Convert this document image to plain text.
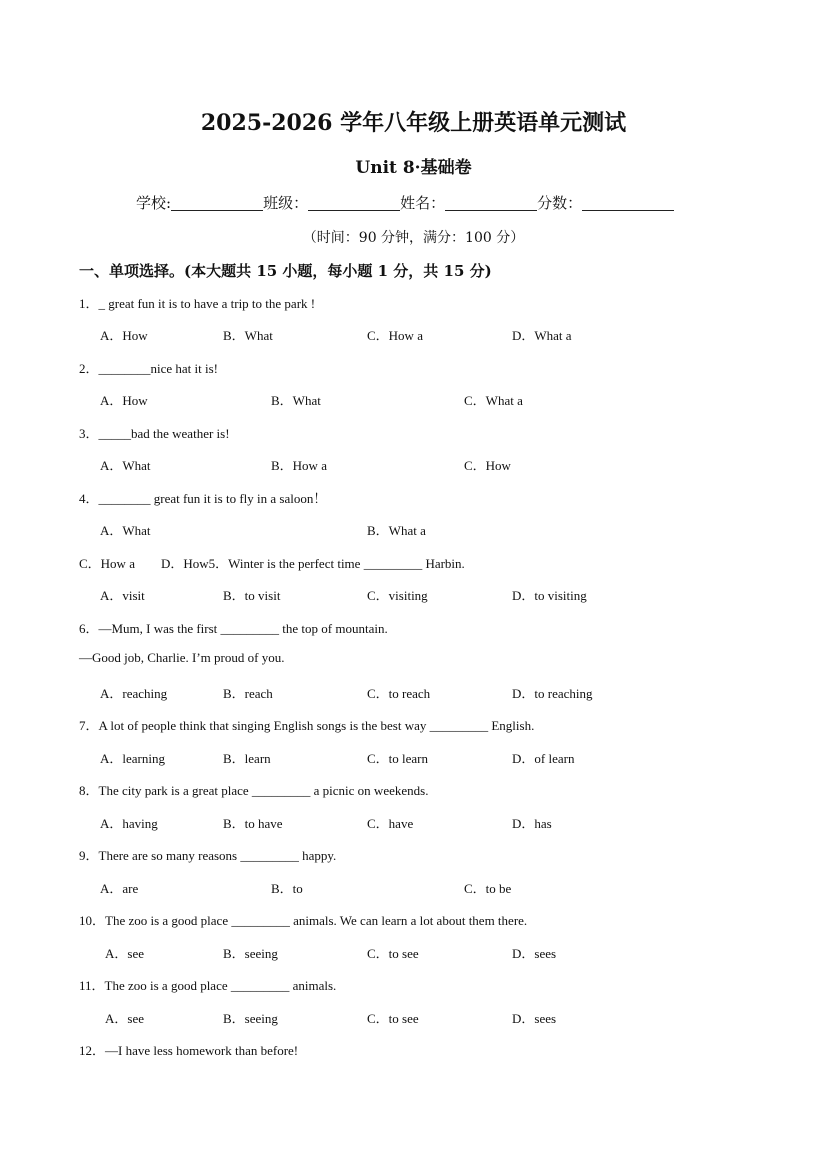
2025-2026 学年八年级上册英语单元测试
Unit 8·基础卷
学校:	班级：	姓名：	分数：
（时间：90 分钟，满分：100 分）
一、单项选择。(本大题共 15 小题，每小题 1 分，共 15 分)
1．_ great fun it is to have a trip to the park !
A．How	B．What	C．How a	D．What a
2．________nice hat it is!
A．How	B．What	C．What a
3．_____bad the weather is!
A．What	B．How a	C．How
4．________ great fun it is to fly in a saloon！
A．What	B．What a
C．How a　　D．How5．Winter is the perfect time _________ Harbin.
A．visit	B．to visit	C．visiting	D．to visiting
6．—Mum, I was the first _________ the top of mountain.
—Good job, Charlie. I’m proud of you.
A．reaching	B．reach	C．to reach	D．to reaching
7．A lot of people think that singing English songs is the best way _________ English.
A．learning	B．learn	C．to learn	D．of learn
8．The city park is a great place _________ a picnic on weekends.
A．having	B．to have	C．have	D．has
9．There are so many reasons _________ happy.
A．are	B．to	C．to be
10．The zoo is a good place _________ animals. We can learn a lot about them there.
A．see	B．seeing	C．to see	D．sees
11．The zoo is a good place _________ animals.
A．see	B．seeing	C．to see	D．sees
12．—I have less homework than before!
